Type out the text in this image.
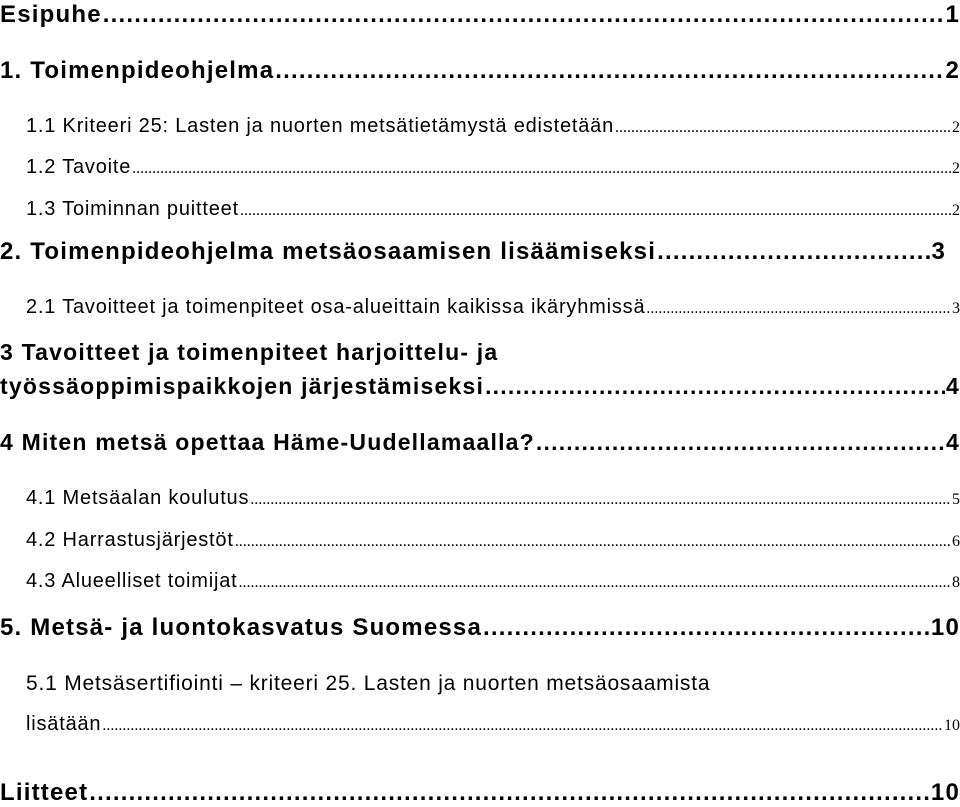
Esipuhe .....	1
1. Toimenpideohjelma .....	2
1.1 Kriteeri 25: Lasten ja nuorten metsätietämystä edistetään .....	2
1.2 Tavoite .....	2
1.3 Toiminnan puitteet .....	2
2. Toimenpideohjelma metsäosaamisen lisäämiseksi .....	3
2.1 Tavoitteet ja toimenpiteet osa-alueittain kaikissa ikäryhmissä .....	3
3 Tavoitteet ja toimenpiteet harjoittelu- ja
työssäoppimispaikkojen järjestämiseksi .....	4
4 Miten metsä opettaa Häme-Uudellamaalla? .....	4
4.1 Metsäalan koulutus .....	5
4.2 Harrastusjärjestöt .....	6
4.3 Alueelliset toimijat .....	8
5. Metsä- ja luontokasvatus Suomessa .....	10
5.1 Metsäsertifiointi – kriteeri 25. Lasten ja nuorten metsäosaamista
lisätään .....	10
Liitteet .....	10
